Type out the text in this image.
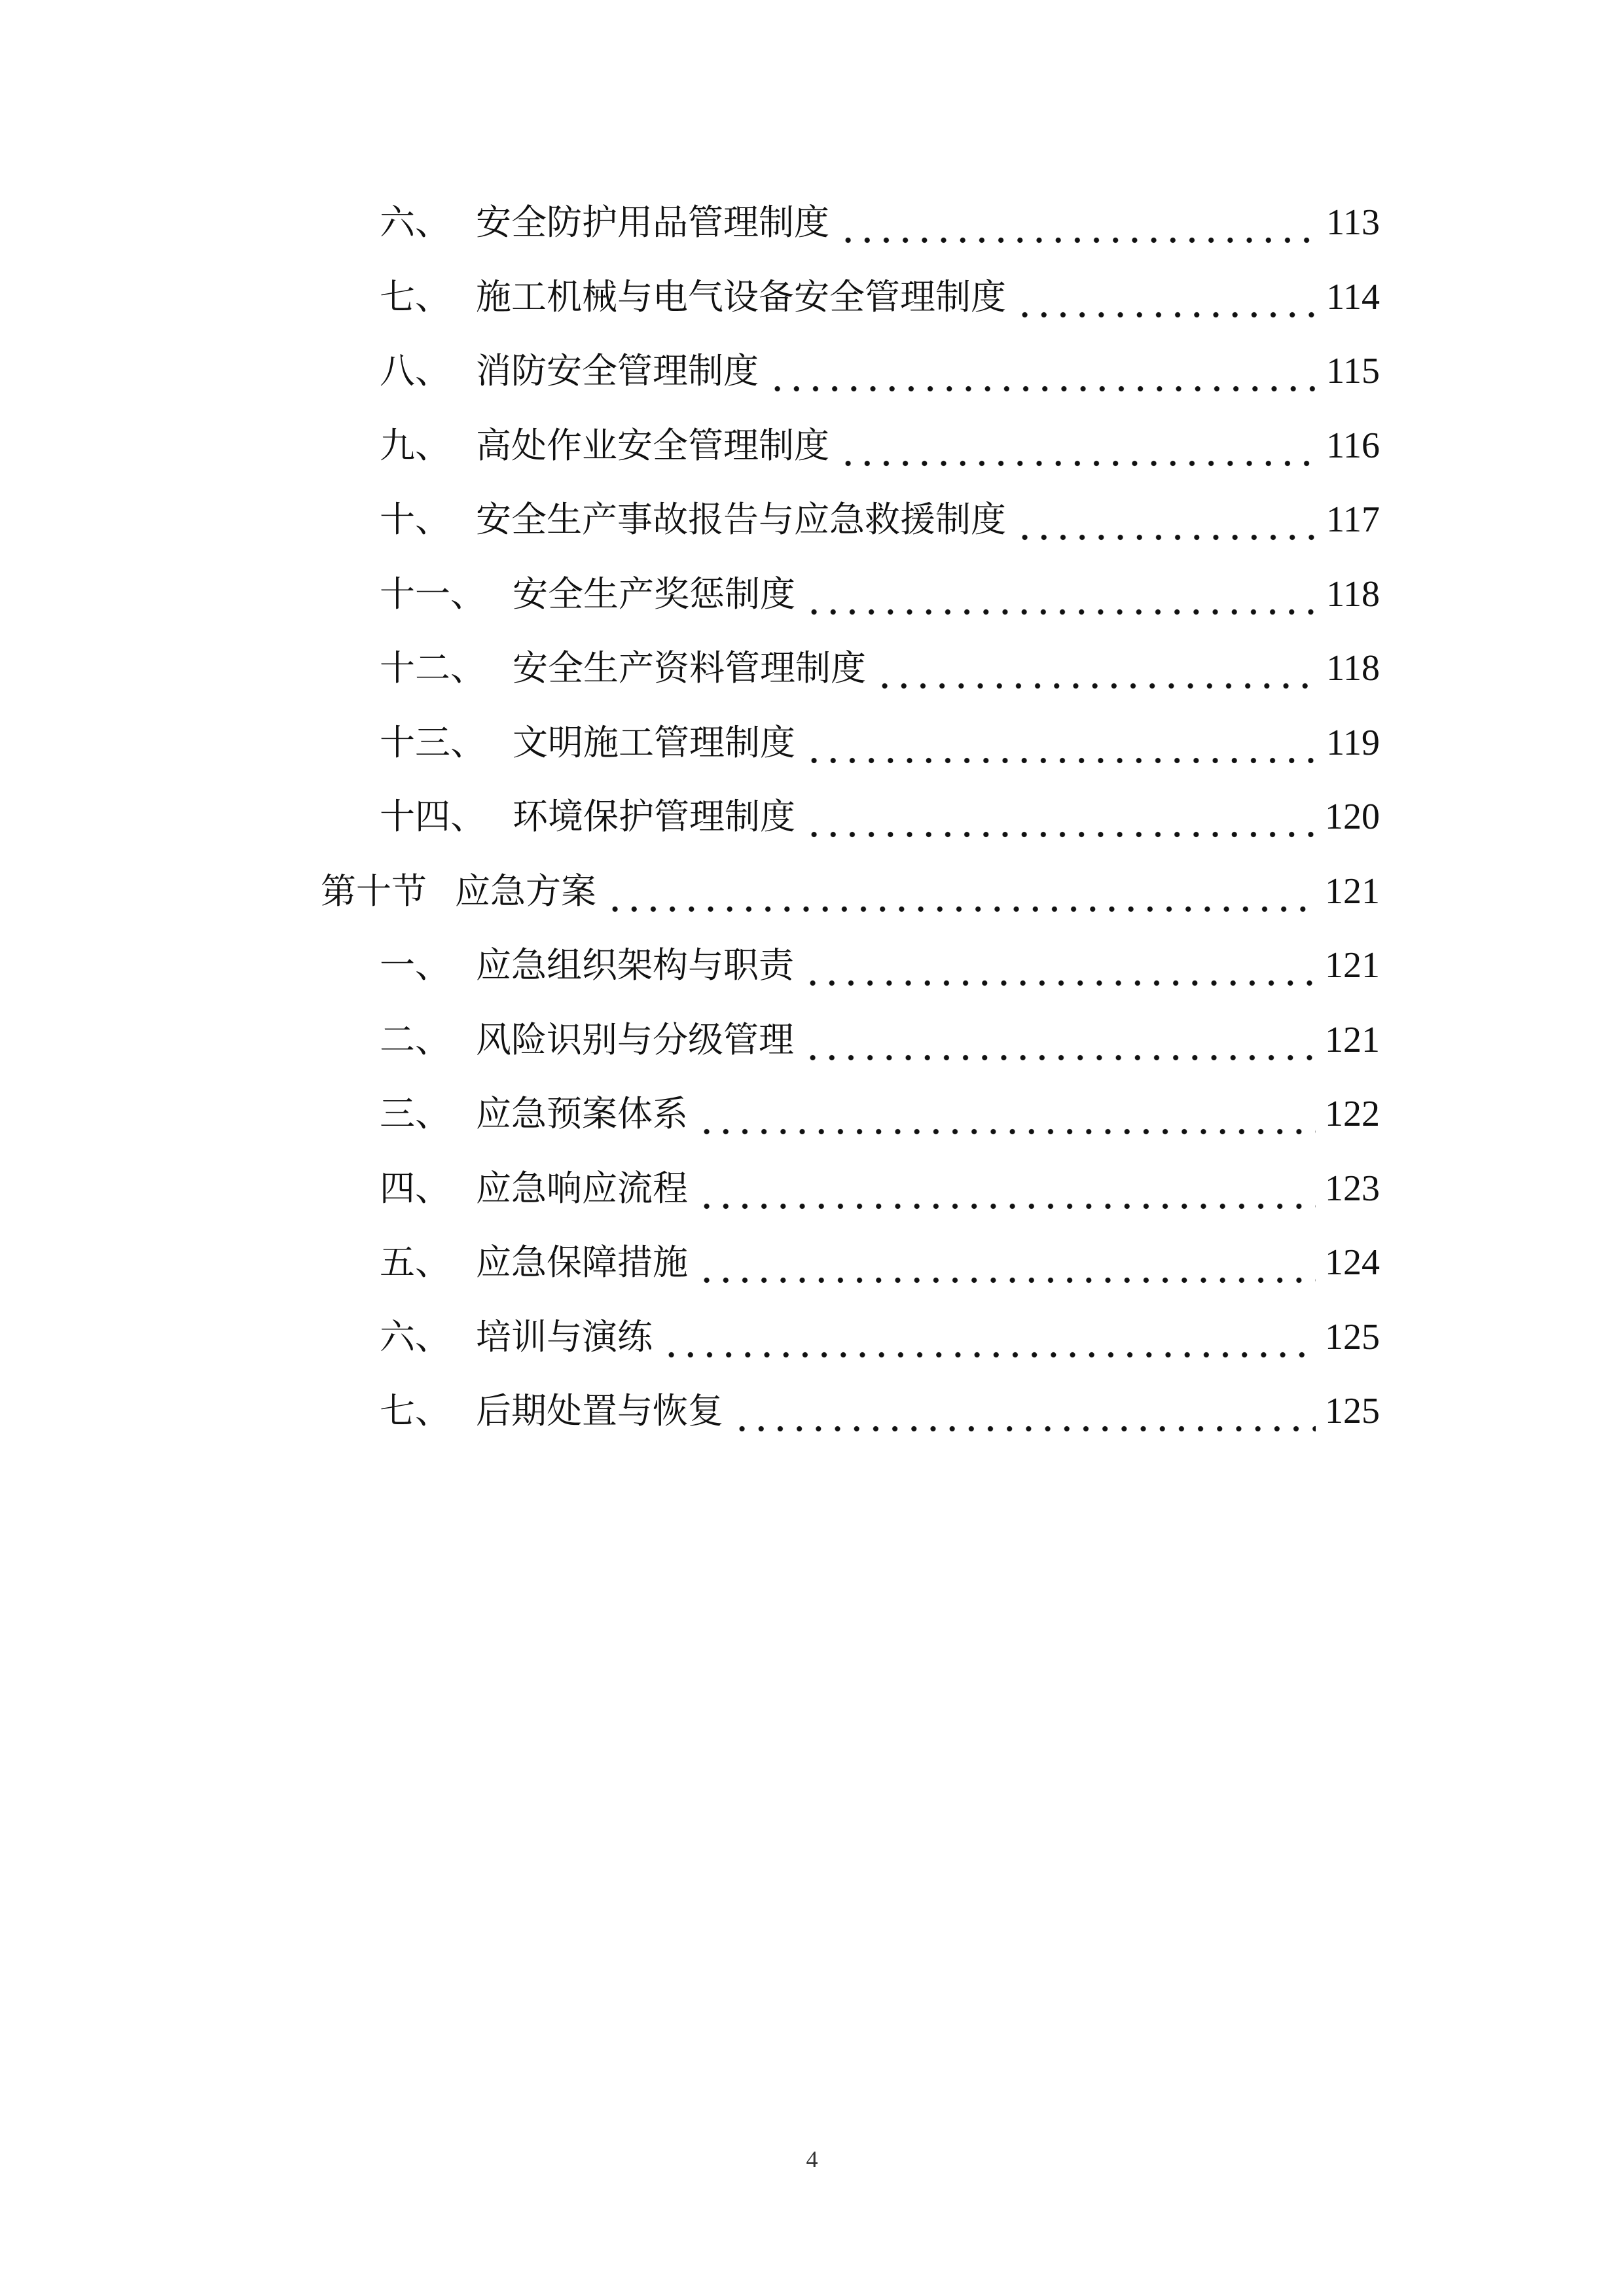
六、 安全防护用品管理制度	113
七、 施工机械与电气设备安全管理制度	114
八、 消防安全管理制度	115
九、 高处作业安全管理制度	116
十、 安全生产事故报告与应急救援制度	117
十一、 安全生产奖惩制度	118
十二、 安全生产资料管理制度	118
十三、 文明施工管理制度	119
十四、 环境保护管理制度	120
第十节 应急方案	121
一、 应急组织架构与职责	121
二、 风险识别与分级管理	121
三、 应急预案体系	122
四、 应急响应流程	123
五、 应急保障措施	124
六、 培训与演练	125
七、 后期处置与恢复	125
4
